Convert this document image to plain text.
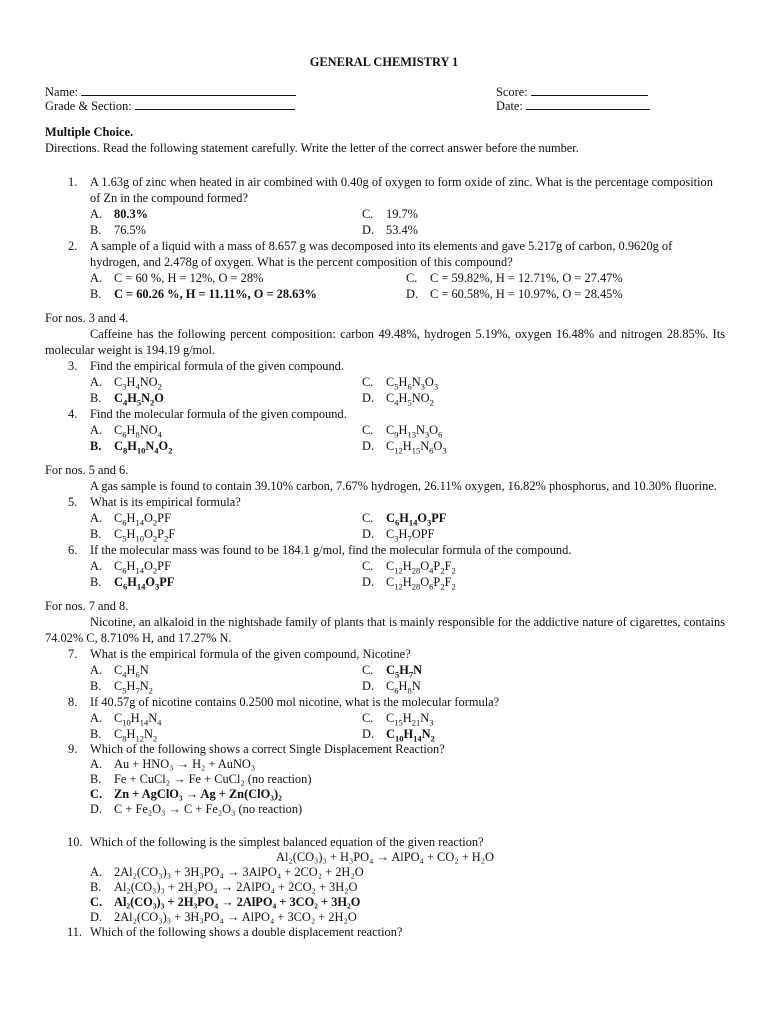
GENERAL CHEMISTRY 1
Name:	Score:
Grade & Section:	Date:
Multiple Choice.
Directions. Read the following statement carefully. Write the letter of the correct answer before the number.
1. A 1.63g of zinc when heated in air combined with 0.40g of oxygen to form oxide of zinc. What is the percentage composition of Zn in the compound formed?
A. 80.3%	C. 19.7%
B. 76.5%	D. 53.4%
2. A sample of a liquid with a mass of 8.657 g was decomposed into its elements and gave 5.217g of carbon, 0.9620g of hydrogen, and 2.478g of oxygen. What is the percent composition of this compound?
A. C = 60 %, H = 12%, O = 28%	C. C = 59.82%, H = 12.71%, O = 27.47%
B. C = 60.26 %, H = 11.11%, O = 28.63%	D. C = 60.58%, H = 10.97%, O = 28.45%
For nos. 3 and 4.
Caffeine has the following percent composition: carbon 49.48%, hydrogen 5.19%, oxygen 16.48% and nitrogen 28.85%. Its molecular weight is 194.19 g/mol.
3. Find the empirical formula of the given compound.
A. $C_3H_4NO_2$	C. $C_5H_6N_3O_3$
B. $C_4H_5N_2O$	D. $C_4H_5NO_2$
4. Find the molecular formula of the given compound.
A. $C_6H_8NO_4$	C. $C_9H_{13}N_3O_6$
B. $C_8H_{10}N_4O_2$	D. $C_{12}H_{15}N_6O_3$
For nos. 5 and 6.
A gas sample is found to contain 39.10% carbon, 7.67% hydrogen, 26.11% oxygen, 16.82% phosphorus, and 10.30% fluorine.
5. What is its empirical formula?
A. $C_6H_{14}O_2PF$	C. $C_6H_{14}O_3PF$
B. $C_5H_{10}O_2P_2F$	D. $C_3H_7OPF$
6. If the molecular mass was found to be 184.1 g/mol, find the molecular formula of the compound.
A. $C_6H_{14}O_2PF$	C. $C_{12}H_{28}O_4P_2F_2$
B. $C_6H_{14}O_3PF$	D. $C_{12}H_{28}O_6P_2F_2$
For nos. 7 and 8.
Nicotine, an alkaloid in the nightshade family of plants that is mainly responsible for the addictive nature of cigarettes, contains 74.02% C, 8.710% H, and 17.27% N.
7. What is the empirical formula of the given compound, Nicotine?
A. $C_4H_6N$	C. $C_5H_7N$
B. $C_5H_7N_2$	D. $C_6H_8N$
8. If 40.57g of nicotine contains 0.2500 mol nicotine, what is the molecular formula?
A. $C_{10}H_{14}N_4$	C. $C_{15}H_{21}N_3$
B. $C_8H_{12}N_2$	D. $C_{10}H_{14}N_2$
9. Which of the following shows a correct Single Displacement Reaction?
A. Au + HNO₃ → H₂ + AuNO₃
B. Fe + CuCl₂ → Fe + CuCl₂ (no reaction)
C. Zn + AgClO₃ → Ag + Zn(ClO₃)₂
D. C + Fe₂O₃ → C + Fe₂O₃ (no reaction)
10. Which of the following is the simplest balanced equation of the given reaction?
Al₂(CO₃)₃ + H₃PO₄ → AlPO₄ + CO₂ + H₂O
A. 2Al₂(CO₃)₃ + 3H₃PO₄ → 3AlPO₄ + 2CO₂ + 2H₂O
B. Al₂(CO₃)₃ + 2H₃PO₄ → 2AlPO₄ + 2CO₂ + 3H₂O
C. Al₂(CO₃)₃ + 2H₃PO₄ → 2AlPO₄ + 3CO₂ + 3H₂O
D. 2Al₂(CO₃)₃ + 3H₃PO₄ → AlPO₄ + 3CO₂ + 2H₂O
11. Which of the following shows a double displacement reaction?
